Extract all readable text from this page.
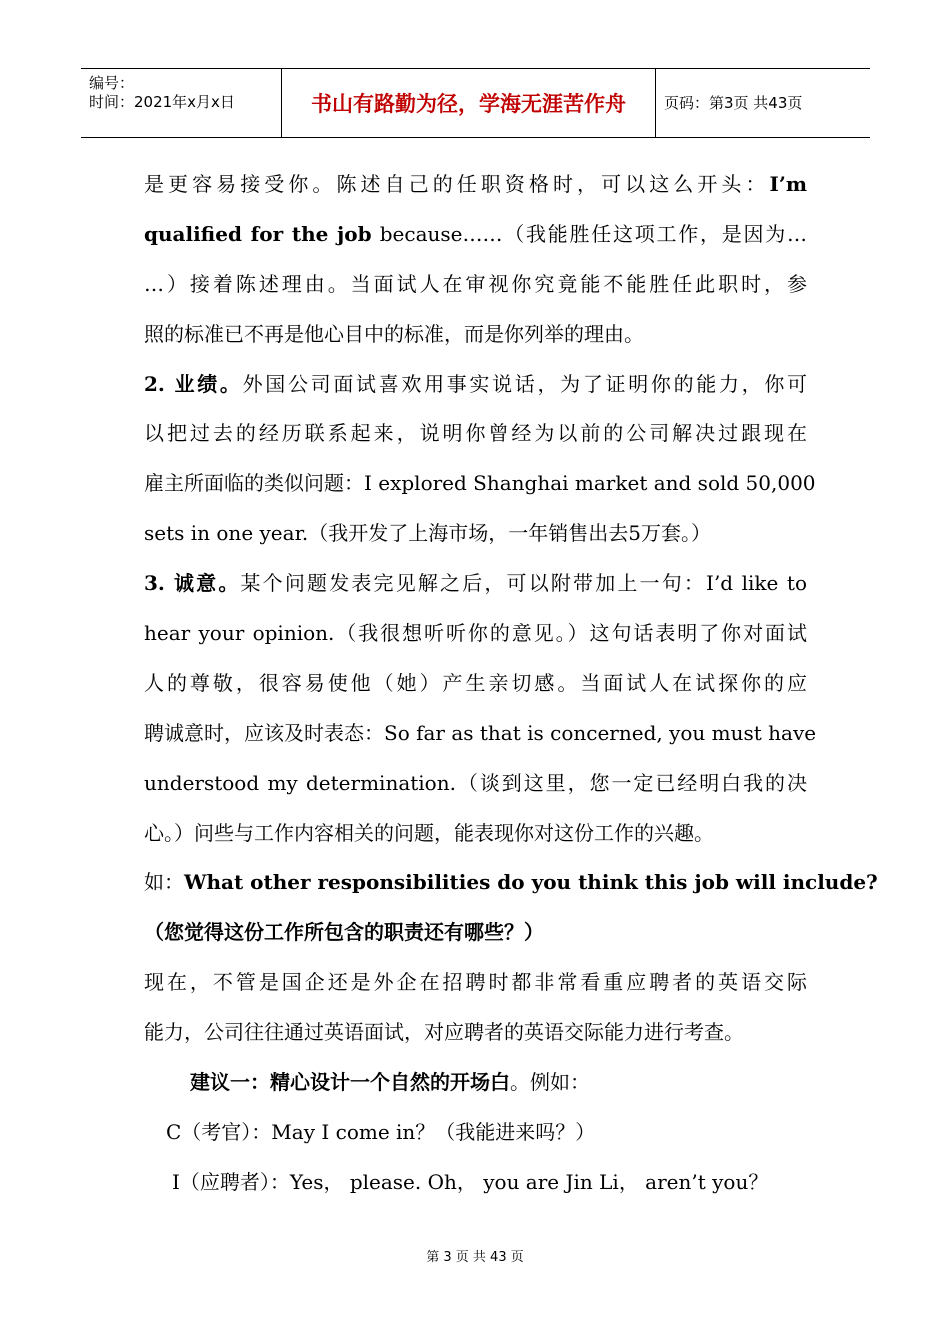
编号：
时间：2021年x月x日	书山有路勤为径，学海无涯苦作舟	页码：第3页 共43页
是更容易接受你。陈述自己的任职资格时，可以这么开头：I’m
qualified for the job because……（我能胜任这项工作，是因为…
…）接着陈述理由。当面试人在审视你究竟能不能胜任此职时，参
照的标准已不再是他心目中的标准，而是你列举的理由。
2. 业绩。外国公司面试喜欢用事实说话，为了证明你的能力，你可
以把过去的经历联系起来，说明你曾经为以前的公司解决过跟现在
雇主所面临的类似问题：I explored Shanghai market and sold 50,000
sets in one year.（我开发了上海市场，一年销售出去5万套。）
3. 诚意。某个问题发表完见解之后，可以附带加上一句：I’d like to
hear your opinion.（我很想听听你的意见。）这句话表明了你对面试
人的尊敬，很容易使他（她）产生亲切感。当面试人在试探你的应
聘诚意时，应该及时表态：So far as that is concerned, you must have
understood my determination.（谈到这里，您一定已经明白我的决
心。）问些与工作内容相关的问题，能表现你对这份工作的兴趣。
如：What other responsibilities do you think this job will include?
（您觉得这份工作所包含的职责还有哪些？）
现在，不管是国企还是外企在招聘时都非常看重应聘者的英语交际
能力，公司往往通过英语面试，对应聘者的英语交际能力进行考查。
建议一：精心设计一个自然的开场白。例如：
C（考官）：May I come in？（我能进来吗？）
I（应聘者）：Yes， please. Oh， you are Jin Li， aren’t you？
第 3 页 共 43 页
